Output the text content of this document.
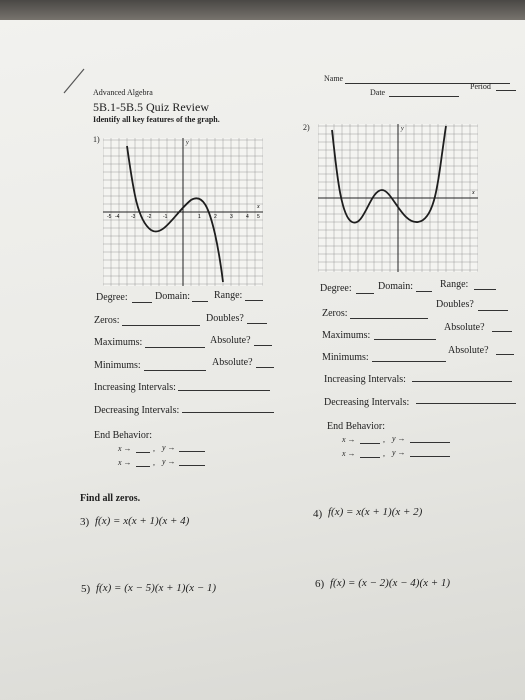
Name
Date
Period
Advanced Algebra
5B.1-5B.5 Quiz Review
Identify all key features of the graph.
1)
2)
-5 -4 -3 -2 -1	1	2	3	4 5
y
x
y
x
Degree:	Domain: Range:
Zeros:	Doubles?
Maximums:	Absolute?
Minimums:	Absolute?
Increasing Intervals:
Decreasing Intervals:
End Behavior:
x →	, y →
x →	, y →
Degree:	Domain:	Range:
Zeros:
Doubles?
Maximums:
Absolute?
Minimums:
Absolute?
Increasing Intervals:
Decreasing Intervals:
End Behavior:
x →	, y →
x →	, y →
Find all zeros.
3) f(x) = x(x + 1)(x + 4)
4) f(x) = x(x + 1)(x + 2)
5) f(x) = (x − 5)(x + 1)(x − 1)	6) f(x) = (x − 2)(x − 4)(x + 1)
